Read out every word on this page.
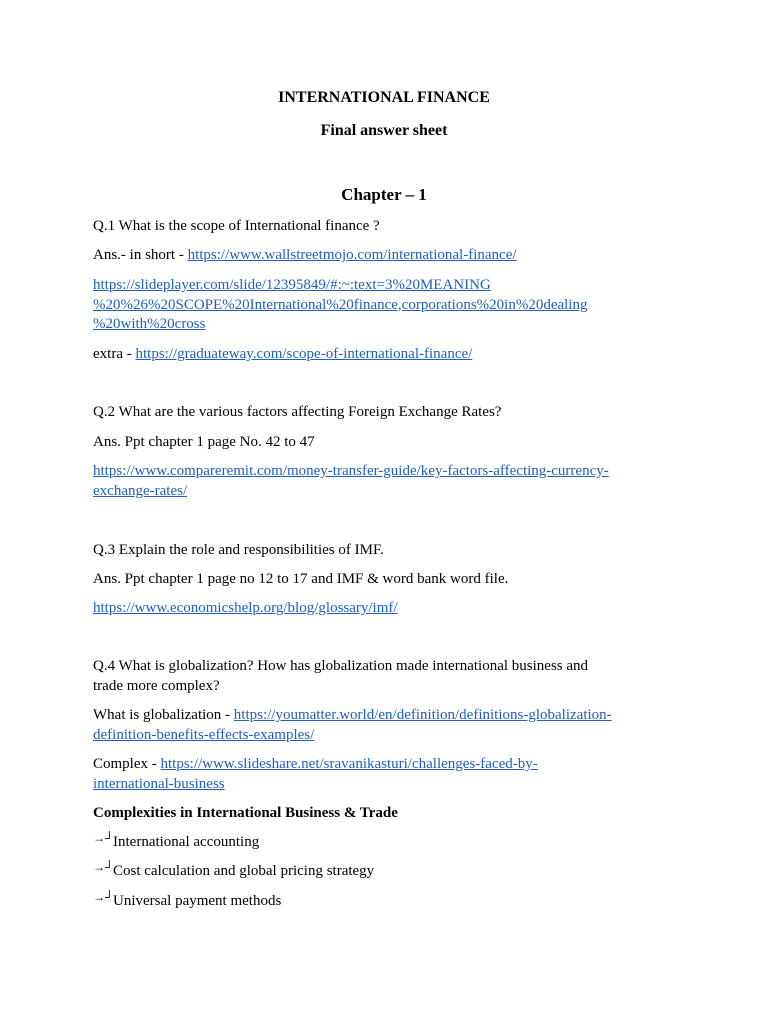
INTERNATIONAL FINANCE

Final answer sheet

Chapter – 1

Q.1 What is the scope of International finance ?

Ans.- in short - https://www.wallstreetmojo.com/international-finance/

https://slideplayer.com/slide/12395849/#:~:text=3%20MEANING
%20%26%20SCOPE%20International%20finance,corporations%20in%20dealing
%20with%20cross

extra - https://graduateway.com/scope-of-international-finance/

Q.2 What are the various factors affecting Foreign Exchange Rates?

Ans. Ppt chapter 1 page No. 42 to 47

https://www.compareremit.com/money-transfer-guide/key-factors-affecting-currency-
exchange-rates/

Q.3 Explain the role and responsibilities of IMF.

Ans. Ppt chapter 1 page no 12 to 17 and IMF & word bank word file.

https://www.economicshelp.org/blog/glossary/imf/

Q.4 What is globalization? How has globalization made international business and
trade more complex?

What is globalization - https://youmatter.world/en/definition/definitions-globalization-
definition-benefits-effects-examples/

Complex - https://www.slideshare.net/sravanikasturi/challenges-faced-by-
international-business

Complexities in International Business & Trade

→┘International accounting

→┘Cost calculation and global pricing strategy

→┘Universal payment methods
